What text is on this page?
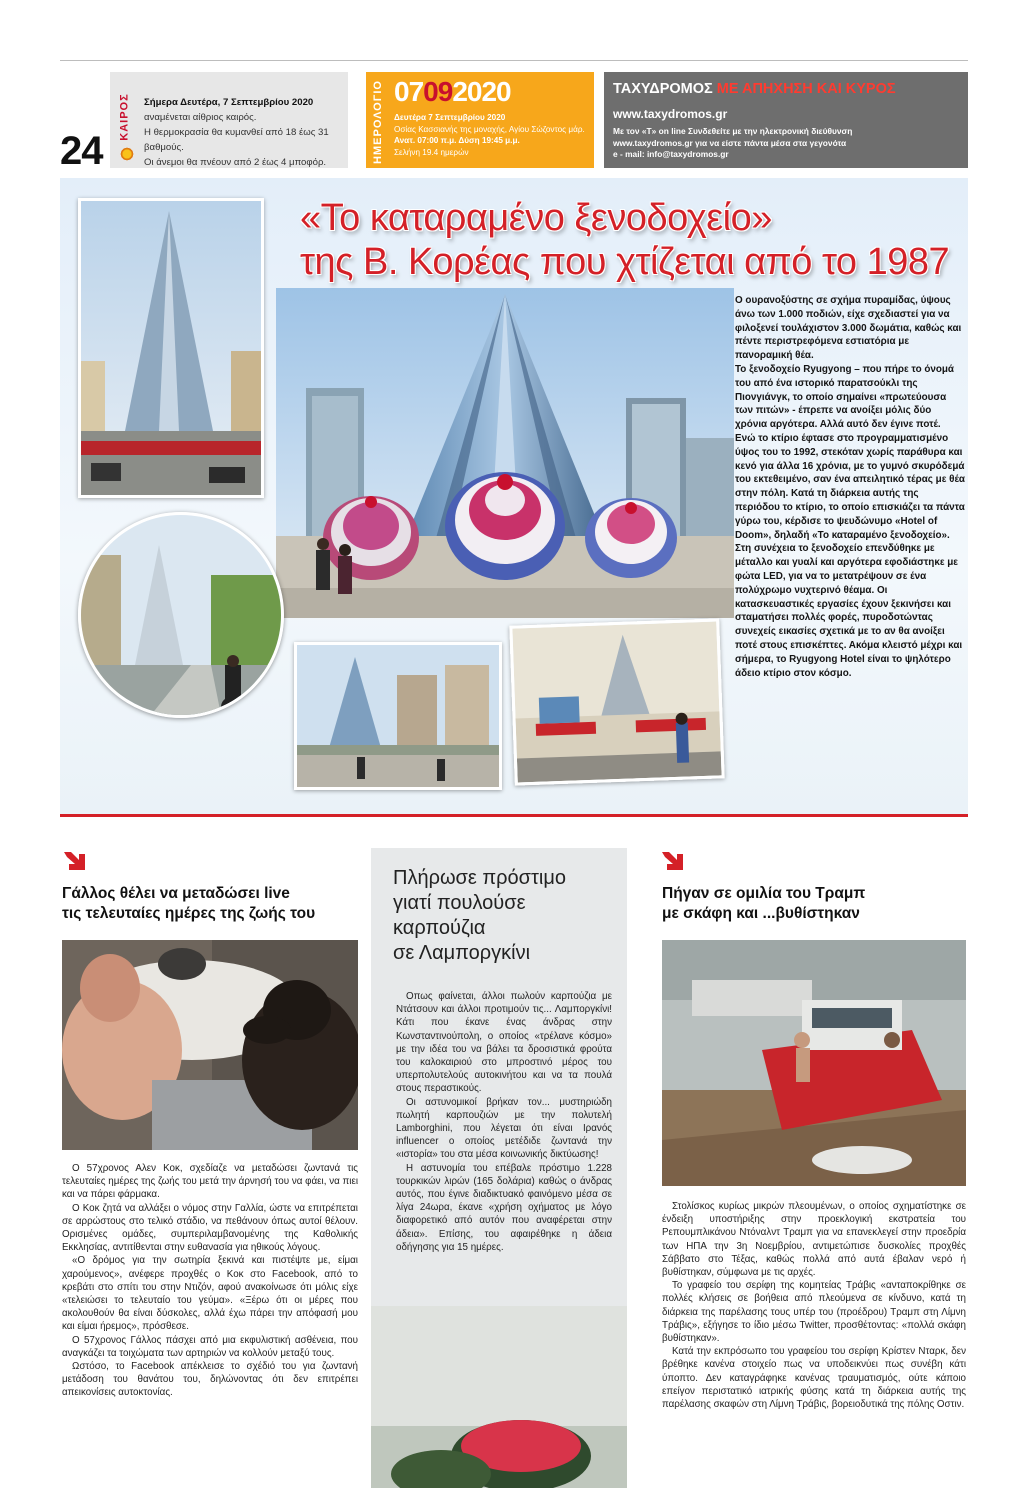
24
ΚΑΙΡΟΣ Σήμερα Δευτέρα, 7 Σεπτεμβρίου 2020
αναμένεται αίθριος καιρός.
Η θερμοκρασία θα κυμανθεί από 18 έως 31 βαθμούς.
Οι άνεμοι θα πνέουν από 2 έως 4 μποφόρ.	ΗΜΕΡΟΛΟΓΙΟ 07092020
Δευτέρα 7 Σεπτεμβρίου 2020
Οσίας Κασσιανής της μοναχής, Αγίου Σώζοντος μάρ.
Ανατ. 07:00 π.μ. Δύση 19:45 μ.μ.
Σελήνη 19.4 ημερών
ΤΑΧΥΔΡΟΜΟΣ ΜΕ ΑΠΗΧΗΣΗ ΚΑΙ ΚΥΡΟΣ
www.taxydromos.gr
Με τον «Τ» on line Συνδεθείτε με την ηλεκτρονική διεύθυνση
www.taxydromos.gr για να είστε πάντα μέσα στα γεγονότα
e - mail: info@taxydromos.gr
«Το καταραμένο ξενοδοχείο»
της Β. Κορέας που χτίζεται από το 1987

Ο ουρανοξύστης σε σχήμα πυραμίδας, ύψους άνω των 1.000 ποδιών, είχε σχεδιαστεί για να φιλοξενεί τουλάχιστον 3.000 δωμάτια, καθώς και πέντε περιστρεφόμενα εστιατόρια με πανοραμική θέα.

Το ξενοδοχείο Ryugyong – που πήρε το όνομά του από ένα ιστορικό παρατσούκλι της Πιονγιάνγκ, το οποίο σημαίνει «πρωτεύουσα των πιτών» - έπρεπε να ανοίξει μόλις δύο χρόνια αργότερα. Αλλά αυτό δεν έγινε ποτέ.

Ενώ το κτίριο έφτασε στο προγραμματισμένο ύψος του το 1992, στεκόταν χωρίς παράθυρα και κενό για άλλα 16 χρόνια, με το γυμνό σκυρόδεμά του εκτεθειμένο, σαν ένα απειλητικό τέρας με θέα στην πόλη. Κατά τη διάρκεια αυτής της περιόδου το κτίριο, το οποίο επισκιάζει τα πάντα γύρω του, κέρδισε το ψευδώνυμο «Hotel of Doom», δηλαδή «Το καταραμένο ξενοδοχείο».

Στη συνέχεια το ξενοδοχείο επενδύθηκε με μέταλλο και γυαλί και αργότερα εφοδιάστηκε με φώτα LED, για να το μετατρέψουν σε ένα πολύχρωμο νυχτερινό θέαμα. Οι κατασκευαστικές εργασίες έχουν ξεκινήσει και σταματήσει πολλές φορές, πυροδοτώντας συνεχείς εικασίες σχετικά με το αν θα ανοίξει ποτέ στους επισκέπτες. Ακόμα κλειστό μέχρι και σήμερα, το Ryugyong Hotel είναι το ψηλότερο άδειο κτίριο στον κόσμο.

Γάλλος θέλει να μεταδώσει live
τις τελευταίες ημέρες της ζωής του

Ο 57χρονος Αλεν Κοκ, σχεδίαζε να μεταδώσει ζωντανά τις τελευταίες ημέρες της ζωής του μετά την άρνησή του να φάει, να πιει και να πάρει φάρμακα.

Ο Κοκ ζητά να αλλάξει ο νόμος στην Γαλλία, ώστε να επιτρέπεται σε αρρώστους στο τελικό στάδιο, να πεθάνουν όπως αυτοί θέλουν. Ορισμένες ομάδες, συμπεριλαμβανομένης της Καθολικής Εκκλησίας, αντιτίθενται στην ευθανασία για ηθικούς λόγους.

«Ο δρόμος για την σωτηρία ξεκινά και πιστέψτε με, είμαι χαρούμενος», ανέφερε προχθές ο Κοκ στο Facebook, από το κρεβάτι στο σπίτι του στην Ντιζόν, αφού ανακοίνωσε ότι μόλις είχε «τελειώσει το τελευταίο του γεύμα». «Ξέρω ότι οι μέρες που ακολουθούν θα είναι δύσκολες, αλλά έχω πάρει την απόφασή μου και είμαι ήρεμος», πρόσθεσε.

Ο 57χρονος Γάλλος πάσχει από μια εκφυλιστική ασθένεια, που αναγκάζει τα τοιχώματα των αρτηριών να κολλούν μεταξύ τους.

Ωστόσο, το Facebook απέκλεισε το σχέδιό του για ζωντανή μετάδοση του θανάτου του, δηλώνοντας ότι δεν επιτρέπει απεικονίσεις αυτοκτονίας.

Πλήρωσε πρόστιμο
γιατί πουλούσε
καρπούζια
σε Λαμποργκίνι

Οπως φαίνεται, άλλοι πωλούν καρπούζια με Ντάτσουν και άλλοι προτιμούν τις... Λαμποργκίνι! Κάτι που έκανε ένας άνδρας στην Κωνσταντινούπολη, ο οποίος «τρέλανε κόσμο» με την ιδέα του να βάλει τα δροσιστικά φρούτα του καλοκαιριού στο μπροστινό μέρος του υπερπολυτελούς αυτοκινήτου και να τα πουλά στους περαστικούς.

Οι αστυνομικοί βρήκαν τον... μυστηριώδη πωλητή καρπουζιών με την πολυτελή Lamborghini, που λέγεται ότι είναι Ιρανός influencer ο οποίος μετέδιδε ζωντανά την «ιστορία» του στα μέσα κοινωνικής δικτύωσης!

Η αστυνομία του επέβαλε πρόστιμο 1.228 τουρκικών λιρών (165 δολάρια) καθώς ο άνδρας αυτός, που έγινε διαδικτυακό φαινόμενο μέσα σε λίγα 24ωρα, έκανε «χρήση οχήματος με λόγο διαφορετικό από αυτόν που αναφέρεται στην άδεια». Επίσης, του αφαιρέθηκε η άδεια οδήγησης για 15 ημέρες.

Πήγαν σε ομιλία του Τραμπ
με σκάφη και ...βυθίστηκαν

Στολίσκος κυρίως μικρών πλεουμένων, ο οποίος σχηματίστηκε σε ένδειξη υποστήριξης στην προεκλογική εκστρατεία του Ρεπουμπλικάνου Ντόναλντ Τραμπ για να επανεκλεγεί στην προεδρία των ΗΠΑ την 3η Νοεμβρίου, αντιμετώπισε δυσκολίες προχθές Σάββατο στο Τέξας, καθώς πολλά από αυτά έβαλαν νερό ή βυθίστηκαν, σύμφωνα με τις αρχές.

Το γραφείο του σερίφη της κομητείας Τράβις «ανταποκρίθηκε σε πολλές κλήσεις σε βοήθεια από πλεούμενα σε κίνδυνο, κατά τη διάρκεια της παρέλασης τους υπέρ του (προέδρου) Τραμπ στη Λίμνη Τράβις», εξήγησε το ίδιο μέσω Twitter, προσθέτοντας: «πολλά σκάφη βυθίστηκαν».

Κατά την εκπρόσωπο του γραφείου του σερίφη Κρίστεν Νταρκ, δεν βρέθηκε κανένα στοιχείο πως να υποδεικνύει πως συνέβη κάτι ύποπτο. Δεν καταγράφηκε κανένας τραυματισμός, ούτε κάποιο επείγον περιστατικό ιατρικής φύσης κατά τη διάρκεια αυτής της παρέλασης σκαφών στη Λίμνη Τράβις, βορειοδυτικά της πόλης Οστιν.
